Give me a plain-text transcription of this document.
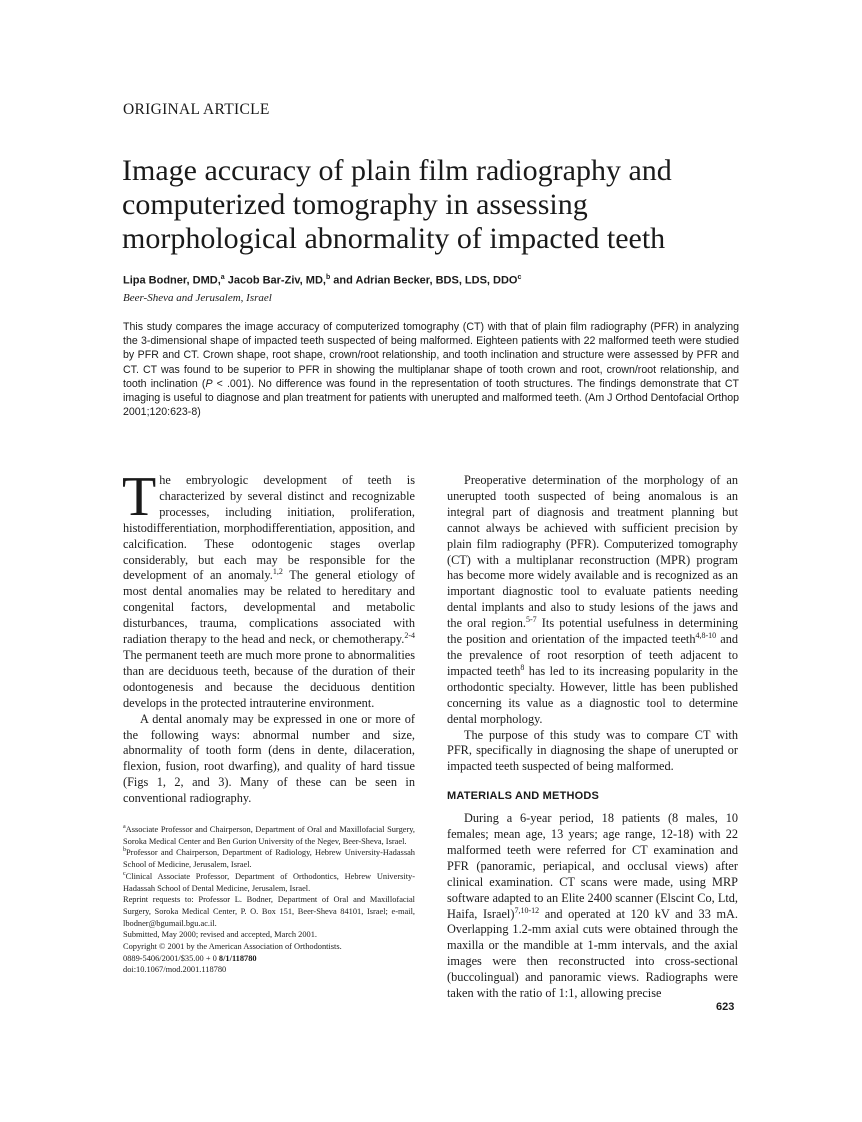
ORIGINAL ARTICLE
Image accuracy of plain film radiography and computerized tomography in assessing morphological abnormality of impacted teeth
Lipa Bodner, DMD,$^a$ Jacob Bar-Ziv, MD,$^b$ and Adrian Becker, BDS, LDS, DDO$^c$
Beer-Sheva and Jerusalem, Israel

This study compares the image accuracy of computerized tomography (CT) with that of plain film radiography (PFR) in analyzing the 3-dimensional shape of impacted teeth suspected of being malformed. Eighteen patients with 22 malformed teeth were studied by PFR and CT. Crown shape, root shape, crown/root relationship, and tooth inclination and structure were assessed by PFR and CT. CT was found to be superior to PFR in showing the multiplanar shape of tooth crown and root, crown/root relationship, and tooth inclination (P < .001). No difference was found in the representation of tooth structures. The findings demonstrate that CT imaging is useful to diagnose and plan treatment for patients with unerupted and malformed teeth. (Am J Orthod Dentofacial Orthop 2001;120:623-8)

The embryologic development of teeth is characterized by several distinct and recognizable processes, including initiation, proliferation, histodifferentiation, morphodifferentiation, apposition, and calcification. These odontogenic stages overlap considerably, but each may be responsible for the development of an anomaly.$^{1,2}$ The general etiology of most dental anomalies may be related to hereditary and congenital factors, developmental and metabolic disturbances, trauma, complications associated with radiation therapy to the head and neck, or chemotherapy.$^{2-4}$ The permanent teeth are much more prone to abnormalities than are deciduous teeth, because of the duration of their odontogenesis and because the deciduous dentition develops in the protected intrauterine environment.

A dental anomaly may be expressed in one or more of the following ways: abnormal number and size, abnormality of tooth form (dens in dente, dilaceration, flexion, fusion, root dwarfing), and quality of hard tissue (Figs 1, 2, and 3). Many of these can be seen in conventional radiography.

$^a$Associate Professor and Chairperson, Department of Oral and Maxillofacial Surgery, Soroka Medical Center and Ben Gurion University of the Negev, Beer-Sheva, Israel.
$^b$Professor and Chairperson, Department of Radiology, Hebrew University-Hadassah School of Medicine, Jerusalem, Israel.
$^c$Clinical Associate Professor, Department of Orthodontics, Hebrew University-Hadassah School of Dental Medicine, Jerusalem, Israel.
Reprint requests to: Professor L. Bodner, Department of Oral and Maxillofacial Surgery, Soroka Medical Center, P. O. Box 151, Beer-Sheva 84101, Israel; e-mail, lbodner@bgumail.bgu.ac.il.
Submitted, May 2000; revised and accepted, March 2001.
Copyright © 2001 by the American Association of Orthodontists.
0889-5406/2001/$35.00 + 0 8/1/118780
doi:10.1067/mod.2001.118780

Preoperative determination of the morphology of an unerupted tooth suspected of being anomalous is an integral part of diagnosis and treatment planning but cannot always be achieved with sufficient precision by plain film radiography (PFR). Computerized tomography (CT) with a multiplanar reconstruction (MPR) program has become more widely available and is recognized as an important diagnostic tool to evaluate patients needing dental implants and also to study lesions of the jaws and the oral region.$^{5-7}$ Its potential usefulness in determining the position and orientation of the impacted teeth$^{4,8-10}$ and the prevalence of root resorption of teeth adjacent to impacted teeth$^8$ has led to its increasing popularity in the orthodontic specialty. However, little has been published concerning its value as a diagnostic tool to determine dental morphology.

The purpose of this study was to compare CT with PFR, specifically in diagnosing the shape of unerupted or impacted teeth suspected of being malformed.

MATERIALS AND METHODS

During a 6-year period, 18 patients (8 males, 10 females; mean age, 13 years; age range, 12-18) with 22 malformed teeth were referred for CT examination and PFR (panoramic, periapical, and occlusal views) after clinical examination. CT scans were made, using MRP software adapted to an Elite 2400 scanner (Elscint Co, Ltd, Haifa, Israel)$^{7,10-12}$ and operated at 120 kV and 33 mA. Overlapping 1.2-mm axial cuts were obtained through the maxilla or the mandible at 1-mm intervals, and the axial images were then reconstructed into cross-sectional (buccolingual) and panoramic views. Radiographs were taken with the ratio of 1:1, allowing precise

623
